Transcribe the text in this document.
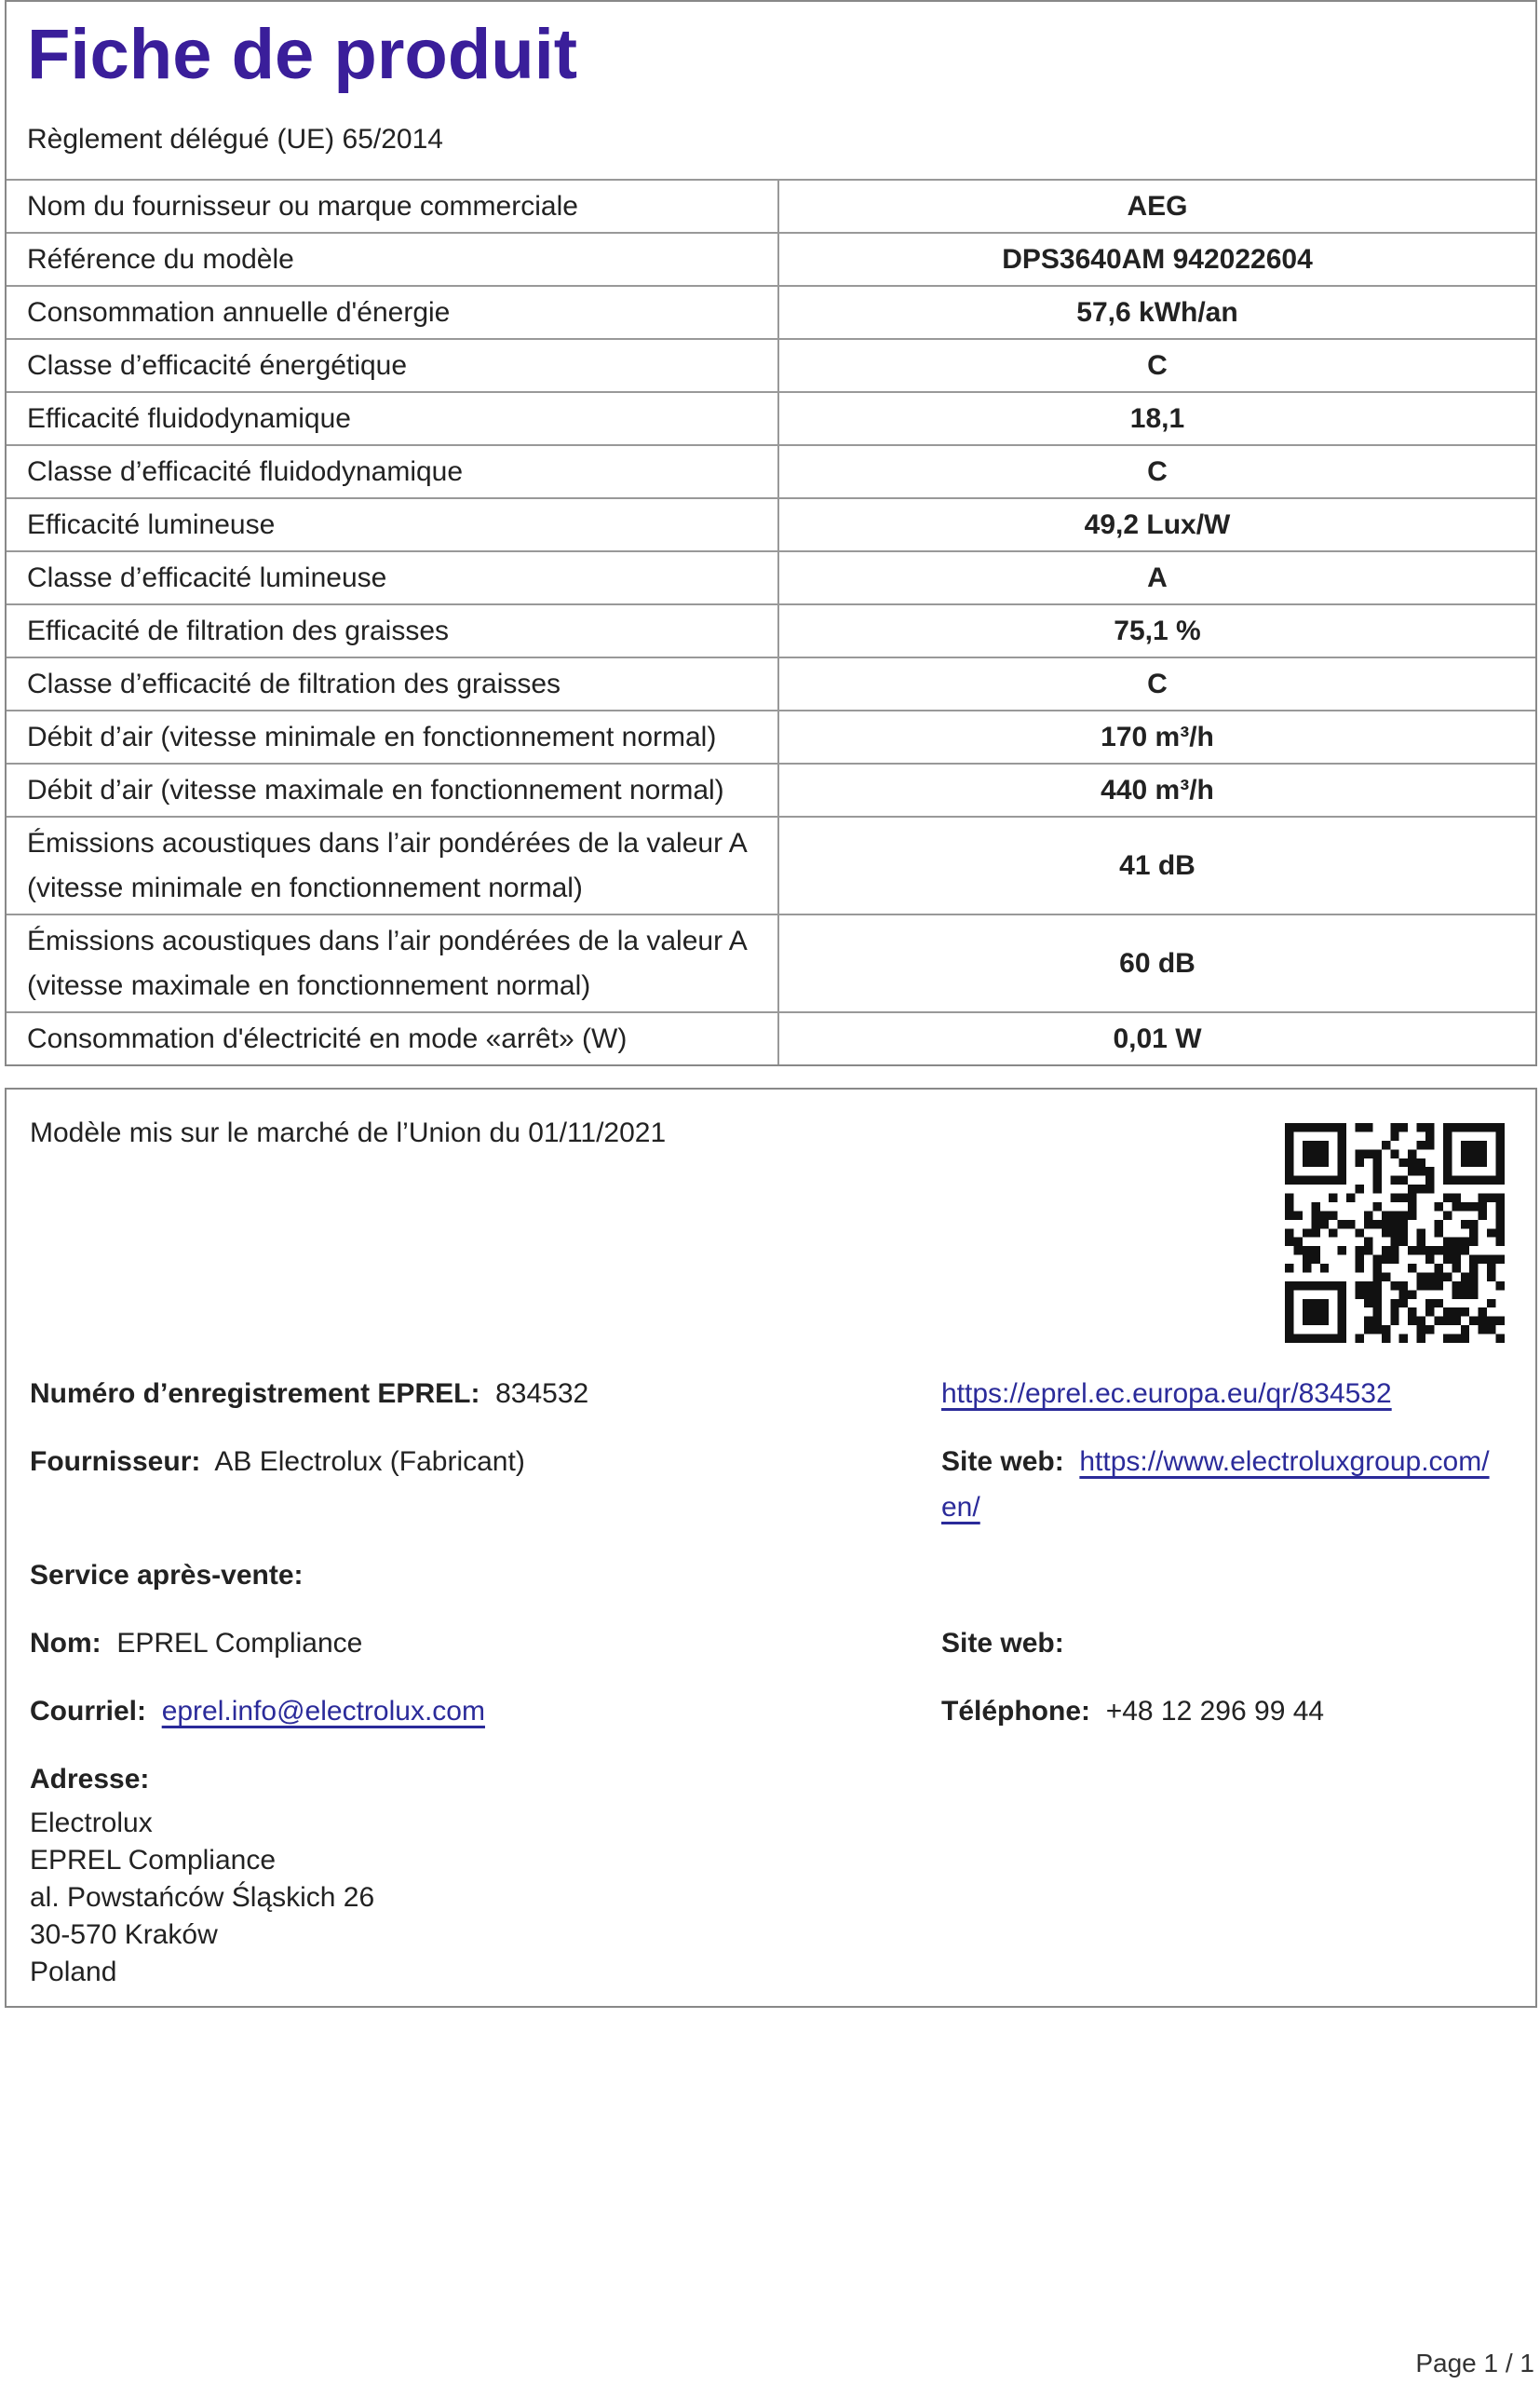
Fiche de produit
Règlement délégué (UE) 65/2014
Nom du fournisseur ou marque commerciale	AEG

Référence du modèle	DPS3640AM 942022604

Consommation annuelle d'énergie	57,6 kWh/an

Classe d’efficacité énergétique	C

Efficacité fluidodynamique	18,1

Classe d’efficacité fluidodynamique	C

Efficacité lumineuse	49,2 Lux/W

Classe d’efficacité lumineuse	A

Efficacité de filtration des graisses	75,1 %

Classe d’efficacité de filtration des graisses	C

Débit d’air (vitesse minimale en fonctionnement normal)	170 m³/h

Débit d’air (vitesse maximale en fonctionnement normal)	440 m³/h

Émissions acoustiques dans l’air pondérées de la valeur A
(vitesse minimale en fonctionnement normal)	41 dB

Émissions acoustiques dans l’air pondérées de la valeur A
(vitesse maximale en fonctionnement normal)	60 dB

Consommation d'électricité en mode «arrêt» (W)	0,01 W
Modèle mis sur le marché de l’Union du 01/11/2021
Numéro d’enregistrement EPREL: 834532	https://eprel.ec.europa.eu/qr/834532
Fournisseur: AB Electrolux (Fabricant)	Site web: https://www.electroluxgroup.com/
en/
Service après-vente:
Nom: EPREL Compliance	Site web:
Courriel: eprel.info@electrolux.com	Téléphone: +48 12 296 99 44
Adresse:
Electrolux
EPREL Compliance
al. Powstańców Śląskich 26
30-570 Kraków
Poland
Page 1 / 1
